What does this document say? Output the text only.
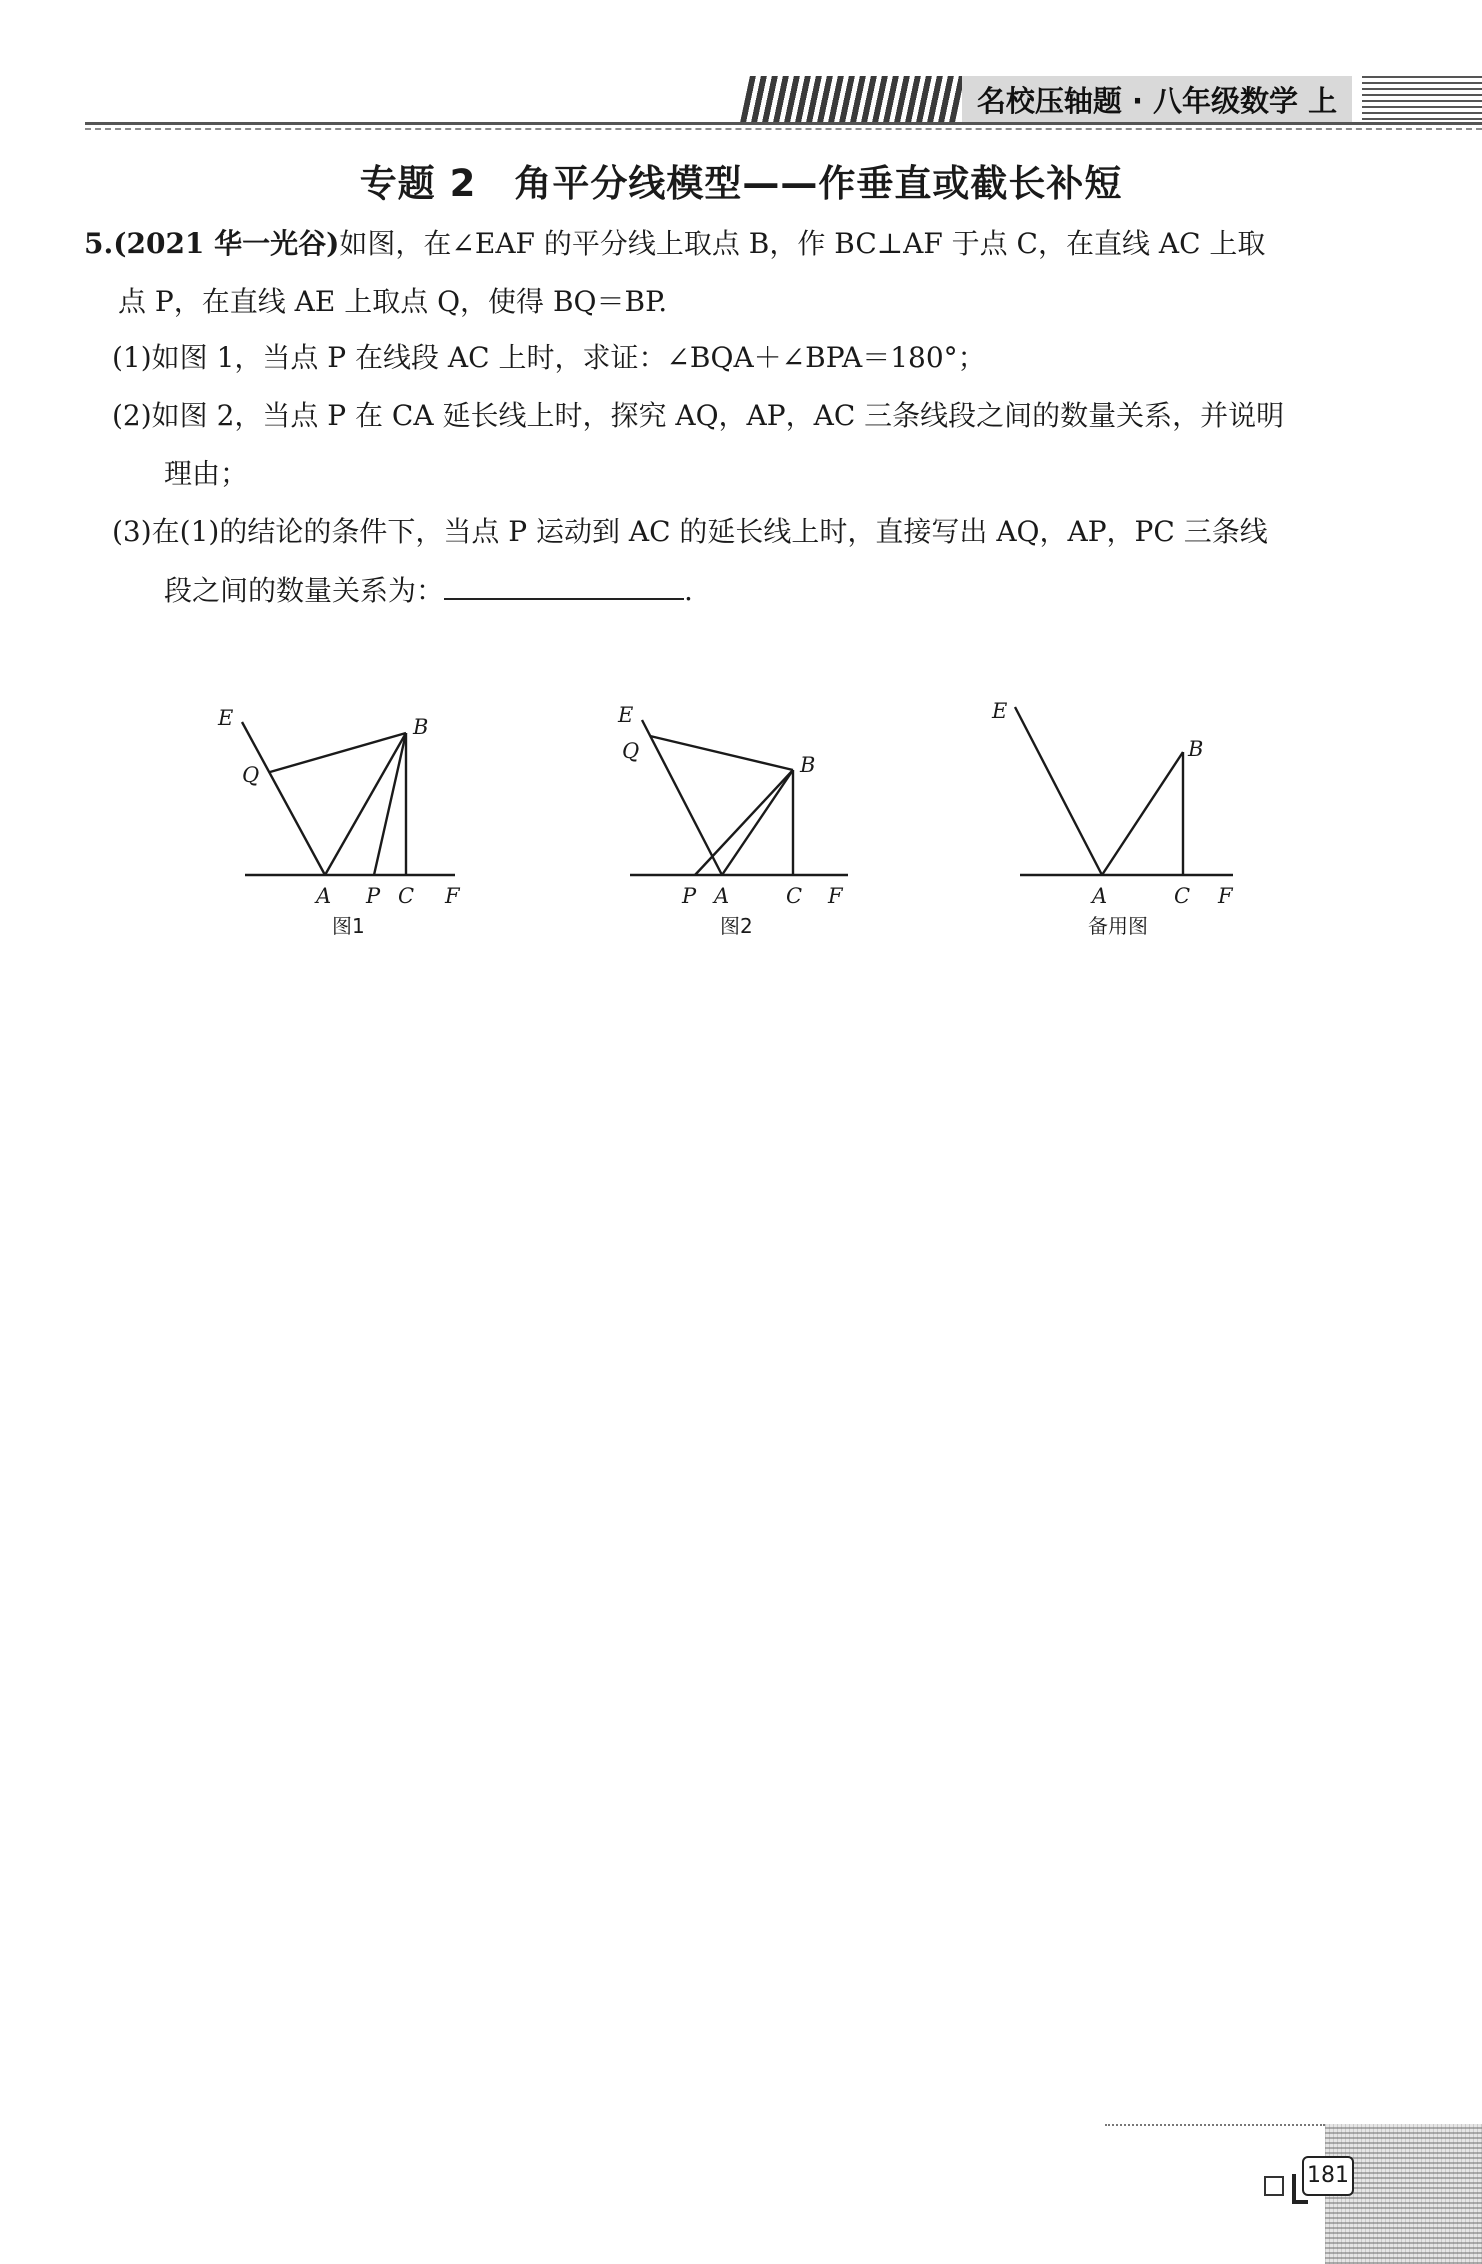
名校压轴题 · 八年级数学 上
专题 2　角平分线模型——作垂直或截长补短
5.(2021 华一光谷)如图，在∠EAF 的平分线上取点 B，作 BC⊥AF 于点 C，在直线 AC 上取
点 P，在直线 AE 上取点 Q，使得 BQ＝BP.
(1)如图 1，当点 P 在线段 AC 上时，求证：∠BQA＋∠BPA＝180°；
(2)如图 2，当点 P 在 CA 延长线上时，探究 AQ，AP，AC 三条线段之间的数量关系，并说明
理由；
(3)在(1)的结论的条件下，当点 P 运动到 AC 的延长线上时，直接写出 AQ，AP，PC 三条线
段之间的数量关系为：	.
E
Q
B
A P C F
图1
E
Q
B
P A	C F
图2
E
B
A	C F
备用图
181
